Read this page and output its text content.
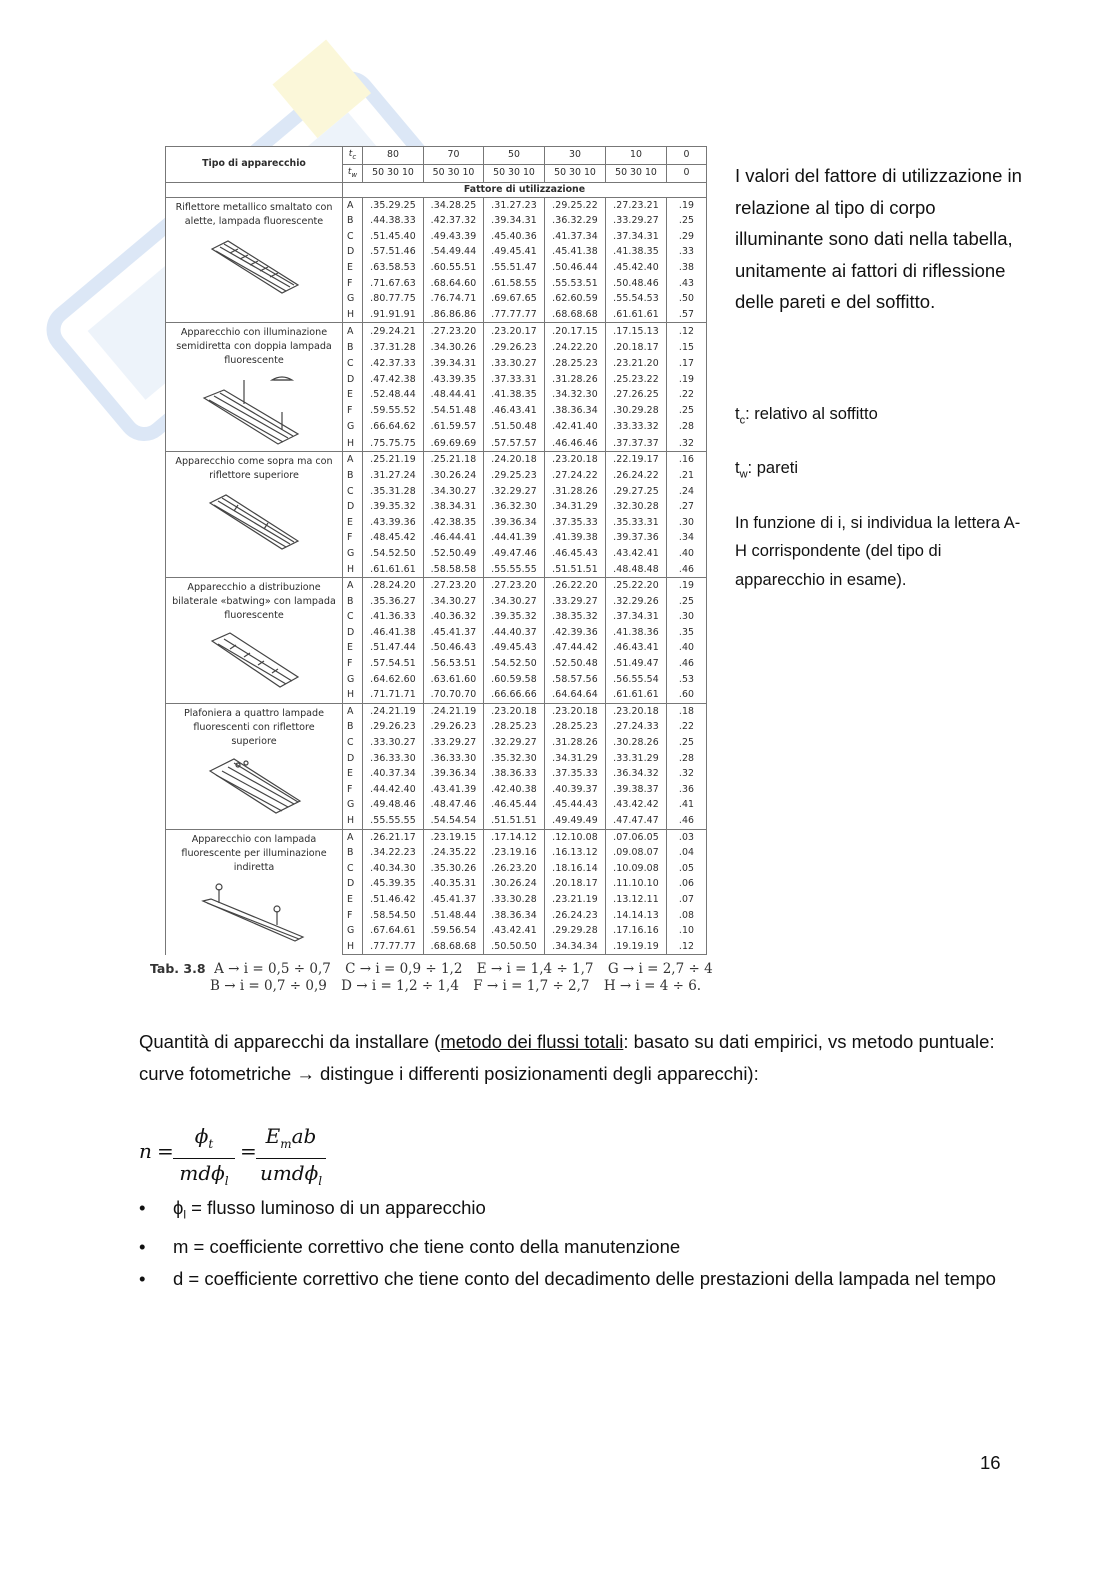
Tipo di apparecchio	$t_c$	80	70	50	30	10	0
	$t_w$	50 30 10	50 30 10	50 30 10	50 30 10	50 30 10	0
	Fattore di utilizzazione						

Riflettore metallico smaltato con alette, lampada fluorescente	A	.35.29.25	.34.28.25	.31.27.23	.29.25.22	.27.23.21	.19
	B	.44.38.33	.42.37.32	.39.34.31	.36.32.29	.33.29.27	.25
	C	.51.45.40	.49.43.39	.45.40.36	.41.37.34	.37.34.31	.29
	D	.57.51.46	.54.49.44	.49.45.41	.45.41.38	.41.38.35	.33
	E	.63.58.53	.60.55.51	.55.51.47	.50.46.44	.45.42.40	.38
	F	.71.67.63	.68.64.60	.61.58.55	.55.53.51	.50.48.46	.43
	G	.80.77.75	.76.74.71	.69.67.65	.62.60.59	.55.54.53	.50
	H	.91.91.91	.86.86.86	.77.77.77	.68.68.68	.61.61.61	.57

Apparecchio con illuminazione semidiretta con doppia lampada fluorescente	A	.29.24.21	.27.23.20	.23.20.17	.20.17.15	.17.15.13	.12
	B	.37.31.28	.34.30.26	.29.26.23	.24.22.20	.20.18.17	.15
	C	.42.37.33	.39.34.31	.33.30.27	.28.25.23	.23.21.20	.17
	D	.47.42.38	.43.39.35	.37.33.31	.31.28.26	.25.23.22	.19
	E	.52.48.44	.48.44.41	.41.38.35	.34.32.30	.27.26.25	.22
	F	.59.55.52	.54.51.48	.46.43.41	.38.36.34	.30.29.28	.25
	G	.66.64.62	.61.59.57	.51.50.48	.42.41.40	.33.33.32	.28
	H	.75.75.75	.69.69.69	.57.57.57	.46.46.46	.37.37.37	.32

Apparecchio come sopra ma con riflettore superiore	A	.25.21.19	.25.21.18	.24.20.18	.23.20.18	.22.19.17	.16
	B	.31.27.24	.30.26.24	.29.25.23	.27.24.22	.26.24.22	.21
	C	.35.31.28	.34.30.27	.32.29.27	.31.28.26	.29.27.25	.24
	D	.39.35.32	.38.34.31	.36.32.30	.34.31.29	.32.30.28	.27
	E	.43.39.36	.42.38.35	.39.36.34	.37.35.33	.35.33.31	.30
	F	.48.45.42	.46.44.41	.44.41.39	.41.39.38	.39.37.36	.34
	G	.54.52.50	.52.50.49	.49.47.46	.46.45.43	.43.42.41	.40
	H	.61.61.61	.58.58.58	.55.55.55	.51.51.51	.48.48.48	.46

Apparecchio a distribuzione bilaterale «batwing» con lampada fluorescente	A	.28.24.20	.27.23.20	.27.23.20	.26.22.20	.25.22.20	.19
	B	.35.36.27	.34.30.27	.34.30.27	.33.29.27	.32.29.26	.25
	C	.41.36.33	.40.36.32	.39.35.32	.38.35.32	.37.34.31	.30
	D	.46.41.38	.45.41.37	.44.40.37	.42.39.36	.41.38.36	.35
	E	.51.47.44	.50.46.43	.49.45.43	.47.44.42	.46.43.41	.40
	F	.57.54.51	.56.53.51	.54.52.50	.52.50.48	.51.49.47	.46
	G	.64.62.60	.63.61.60	.60.59.58	.58.57.56	.56.55.54	.53
	H	.71.71.71	.70.70.70	.66.66.66	.64.64.64	.61.61.61	.60

Plafoniera a quattro lampade fluorescenti con riflettore superiore	A	.24.21.19	.24.21.19	.23.20.18	.23.20.18	.23.20.18	.18
	B	.29.26.23	.29.26.23	.28.25.23	.28.25.23	.27.24.33	.22
	C	.33.30.27	.33.29.27	.32.29.27	.31.28.26	.30.28.26	.25
	D	.36.33.30	.36.33.30	.35.32.30	.34.31.29	.33.31.29	.28
	E	.40.37.34	.39.36.34	.38.36.33	.37.35.33	.36.34.32	.32
	F	.44.42.40	.43.41.39	.42.40.38	.40.39.37	.39.38.37	.36
	G	.49.48.46	.48.47.46	.46.45.44	.45.44.43	.43.42.42	.41
	H	.55.55.55	.54.54.54	.51.51.51	.49.49.49	.47.47.47	.46

Apparecchio con lampada fluorescente per illuminazione indiretta	A	.26.21.17	.23.19.15	.17.14.12	.12.10.08	.07.06.05	.03
	B	.34.22.23	.24.35.22	.23.19.16	.16.13.12	.09.08.07	.04
	C	.40.34.30	.35.30.26	.26.23.20	.18.16.14	.10.09.08	.05
	D	.45.39.35	.40.35.31	.30.26.24	.20.18.17	.11.10.10	.06
	E	.51.46.42	.45.41.37	.33.30.28	.23.21.19	.13.12.11	.07
	F	.58.54.50	.51.48.44	.38.36.34	.26.24.23	.14.14.13	.08
	G	.67.64.61	.59.56.54	.43.42.41	.29.29.28	.17.16.16	.10
	H	.77.77.77	.68.68.68	.50.50.50	.34.34.34	.19.19.19	.12
Tab. 3.8 A → i = 0,5 ÷ 0,7 C → i = 0,9 ÷ 1,2 E → i = 1,4 ÷ 1,7 G → i = 2,7 ÷ 4
B → i = 0,7 ÷ 0,9 D → i = 1,2 ÷ 1,4 F → i = 1,7 ÷ 2,7 H → i = 4 ÷ 6.
I valori del fattore di utilizzazione in relazione al tipo di corpo illuminante sono dati nella tabella, unitamente ai fattori di riflessione delle pareti e del soffitto.

$t_c$: relativo al soffitto

$t_w$: pareti

In funzione di i, si individua la lettera A-H corrispondente (del tipo di apparecchio in esame).

Quantità di apparecchi da installare (metodo dei flussi totali: basato su dati empirici, vs metodo puntuale: curve fotometriche → distingue i differenti posizionamenti degli apparecchi):
n =
$\phi_t$
mdϕ$_l$
=
$E_mab$
umdϕ$_l$
• $\phi_l$ = flusso luminoso di un apparecchio
• m = coefficiente correttivo che tiene conto della manutenzione
• d = coefficiente correttivo che tiene conto del decadimento delle prestazioni della lampada nel tempo
16
